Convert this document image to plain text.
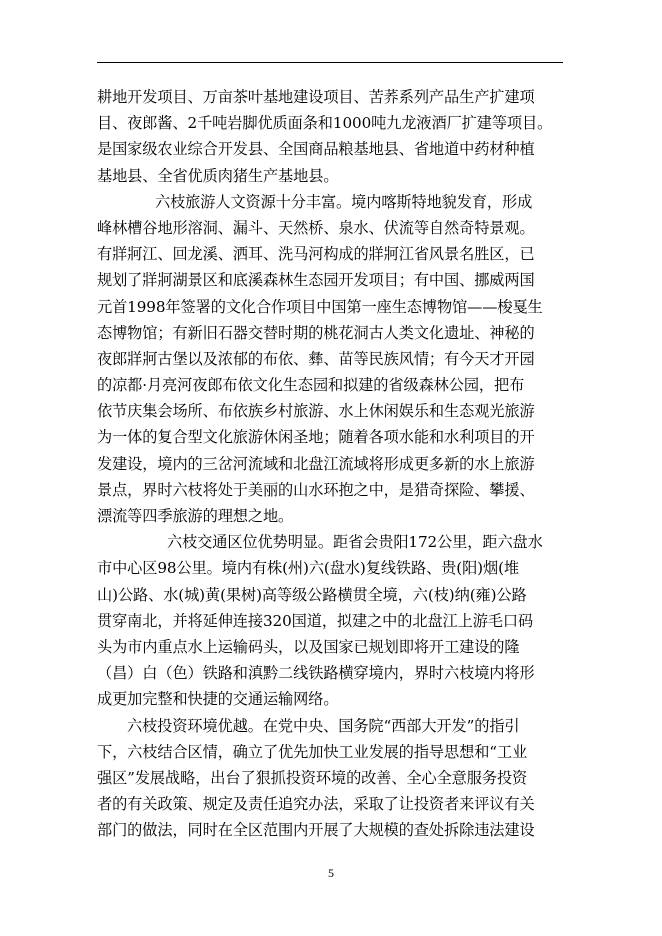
耕地开发项目、万亩茶叶基地建设项目、苦荞系列产品生产扩建项
目、夜郎酱、2千吨岩脚优质面条和1000吨九龙液酒厂扩建等项目。
是国家级农业综合开发县、全国商品粮基地县、省地道中药材种植
基地县、全省优质肉猪生产基地县。
六枝旅游人文资源十分丰富。境内喀斯特地貌发育，形成
峰林槽谷地形溶洞、漏斗、天然桥、泉水、伏流等自然奇特景观。
有牂牁江、回龙溪、洒耳、洗马河构成的牂牁江省风景名胜区，已
规划了牂牁湖景区和底溪森林生态园开发项目；有中国、挪威两国
元首1998年签署的文化合作项目中国第一座生态博物馆——梭戛生
态博物馆；有新旧石器交替时期的桃花洞古人类文化遗址、神秘的
夜郎牂牁古堡以及浓郁的布依、彝、苗等民族风情；有今天才开园
的凉都·月亮河夜郎布依文化生态园和拟建的省级森林公园，把布
依节庆集会场所、布依族乡村旅游、水上休闲娱乐和生态观光旅游
为一体的复合型文化旅游休闲圣地；随着各项水能和水利项目的开
发建设，境内的三岔河流域和北盘江流域将形成更多新的水上旅游
景点，界时六枝将处于美丽的山水环抱之中，是猎奇探险、攀援、
漂流等四季旅游的理想之地。
六枝交通区位优势明显。距省会贵阳172公里，距六盘水
市中心区98公里。境内有株(州)六(盘水)复线铁路、贵(阳)烟(堆
山)公路、水(城)黄(果树)高等级公路横贯全境，六(枝)纳(雍)公路
贯穿南北，并将延伸连接320国道，拟建之中的北盘江上游毛口码
头为市内重点水上运输码头，以及国家已规划即将开工建设的隆
（昌）白（色）铁路和滇黔二线铁路横穿境内，界时六枝境内将形
成更加完整和快捷的交通运输网络。
六枝投资环境优越。在党中央、国务院“西部大开发”的指引
下，六枝结合区情，确立了优先加快工业发展的指导思想和“工业
强区”发展战略，出台了狠抓投资环境的改善、全心全意服务投资
者的有关政策、规定及责任追究办法，采取了让投资者来评议有关
部门的做法，同时在全区范围内开展了大规模的查处拆除违法建设
5
